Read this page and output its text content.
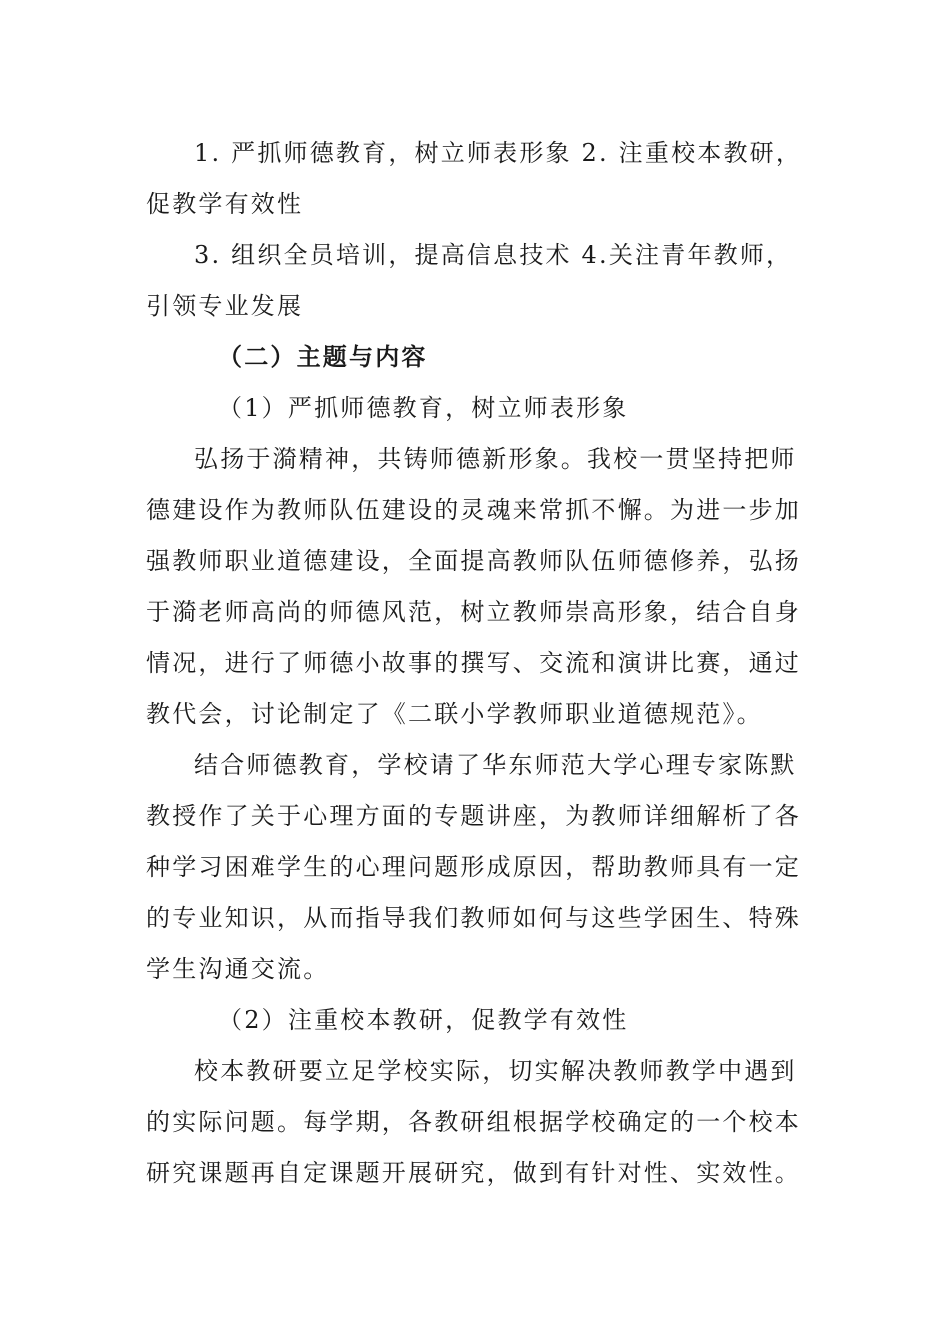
1. 严抓师德教育，树立师表形象 2. 注重校本教研，促教学有效性

3. 组织全员培训，提高信息技术 4.关注青年教师，引领专业发展

（二）主题与内容

（1）严抓师德教育，树立师表形象

弘扬于漪精神，共铸师德新形象。我校一贯坚持把师德建设作为教师队伍建设的灵魂来常抓不懈。为进一步加强教师职业道德建设，全面提高教师队伍师德修养，弘扬于漪老师高尚的师德风范，树立教师崇高形象，结合自身情况，进行了师德小故事的撰写、交流和演讲比赛，通过教代会，讨论制定了《二联小学教师职业道德规范》。

结合师德教育，学校请了华东师范大学心理专家陈默教授作了关于心理方面的专题讲座，为教师详细解析了各种学习困难学生的心理问题形成原因，帮助教师具有一定的专业知识，从而指导我们教师如何与这些学困生、特殊学生沟通交流。

（2）注重校本教研，促教学有效性

校本教研要立足学校实际，切实解决教师教学中遇到的实际问题。每学期，各教研组根据学校确定的一个校本研究课题再自定课题开展研究，做到有针对性、实效性。
